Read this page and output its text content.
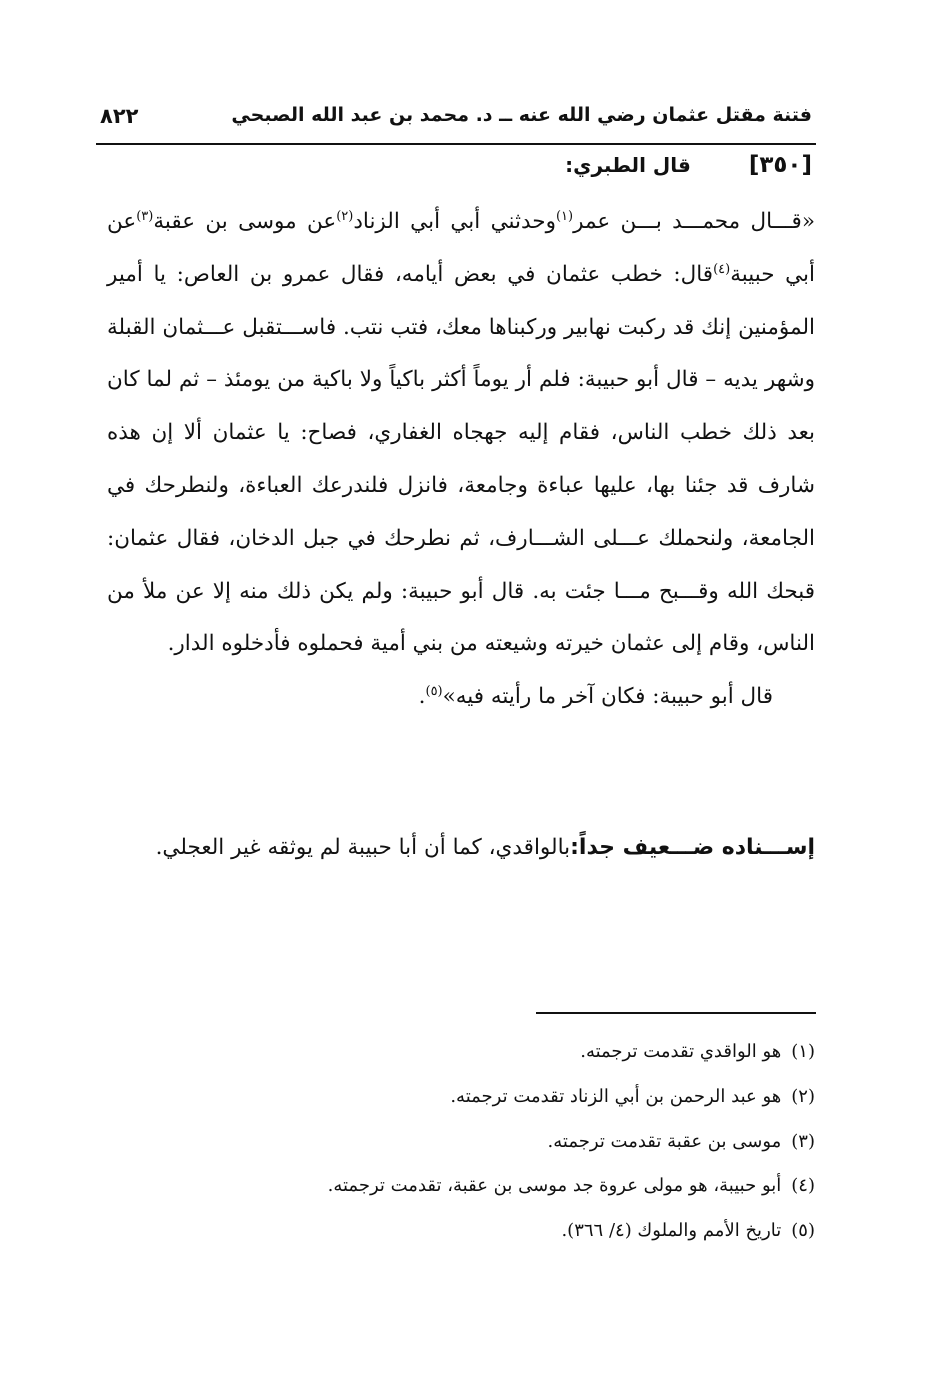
فتنة مقتل عثمان رضي الله عنه ــ د. محمد بن عبد الله الصبحي
٨٢٢
[٣٥٠]قال الطبري:

«قـــال محمـــد بـــن عمر$^{(١)}$وحدثني أبي أبي الزناد$^{(٢)}$عن موسى بن عقبة$^{(٣)}$عن أبي حبيبة$^{(٤)}$قال: خطب عثمان في بعض أيامه، فقال عمرو بن العاص: يا أمير المؤمنين إنك قد ركبت نهابير وركبناها معك، فتب نتب. فاســـتقبل عـــثمان القبلة وشهر يديه – قال أبو حبيبة: فلم أر يوماً أكثر باكياً ولا باكية من يومئذ – ثم لما كان بعد ذلك خطب الناس، فقام إليه جهجاه الغفاري، فصاح: يا عثمان ألا إن هذه شارف قد جئنا بها، عليها عباءة وجامعة، فانزل فلندرعك العباءة، ولنطرحك في الجامعة، ولنحملك عـــلى الشـــارف، ثم نطرحك في جبل الدخان، فقال عثمان: قبحك الله وقـــبح مـــا جئت به. قال أبو حبيبة: ولم يكن ذلك منه إلا عن ملأ من الناس، وقام إلى عثمان خيرته وشيعته من بني أمية فحملوه فأدخلوه الدار.

قال أبو حبيبة: فكان آخر ما رأيته فيه»$^{(٥)}$.

إســـناده ضـــعيف جداً:بالواقدي، كما أن أبا حبيبة لم يوثقه غير العجلي.
(١)هو الواقدي تقدمت ترجمته.
(٢)هو عبد الرحمن بن أبي الزناد تقدمت ترجمته.
(٣)موسى بن عقبة تقدمت ترجمته.
(٤)أبو حبيبة، هو مولى عروة جد موسى بن عقبة، تقدمت ترجمته.
(٥)تاريخ الأمم والملوك (٤/ ٣٦٦).
